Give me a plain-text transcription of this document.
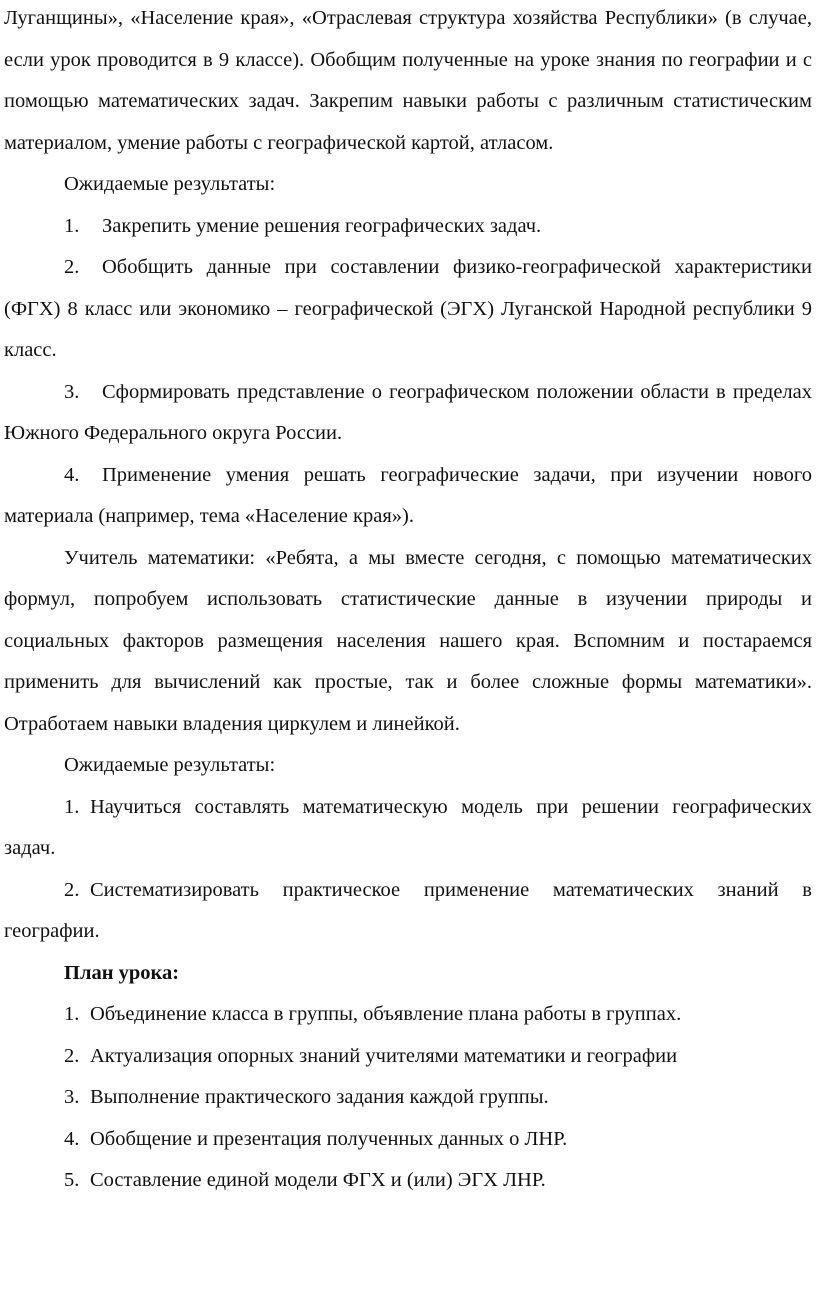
Луганщины», «Население края», «Отраслевая структура хозяйства Республики» (в случае, если урок проводится в 9 классе). Обобщим полученные на уроке знания по географии и с помощью математических задач. Закрепим навыки работы с различным статистическим материалом, умение работы с географической картой, атласом.

Ожидаемые результаты:

1. Закрепить умение решения географических задач.

2. Обобщить данные при составлении физико-географической характеристики (ФГХ) 8 класс или экономико – географической (ЭГХ) Луганской Народной республики 9 класс.

3. Сформировать представление о географическом положении области в пределах Южного Федерального округа России.

4. Применение умения решать географические задачи, при изучении нового материала (например, тема «Население края»).

Учитель математики: «Ребята, а мы вместе сегодня, с помощью математических формул, попробуем использовать статистические данные в изучении природы и социальных факторов размещения населения нашего края. Вспомним и постараемся применить для вычислений как простые, так и более сложные формы математики». Отработаем навыки владения циркулем и линейкой.

Ожидаемые результаты:

1. Научиться составлять математическую модель при решении географических задач.

2. Систематизировать практическое применение математических знаний в географии.

План урока:

1. Объединение класса в группы, объявление плана работы в группах.

2. Актуализация опорных знаний учителями математики и географии

3. Выполнение практического задания каждой группы.

4. Обобщение и презентация полученных данных о ЛНР.

5. Составление единой модели ФГХ и (или) ЭГХ ЛНР.
